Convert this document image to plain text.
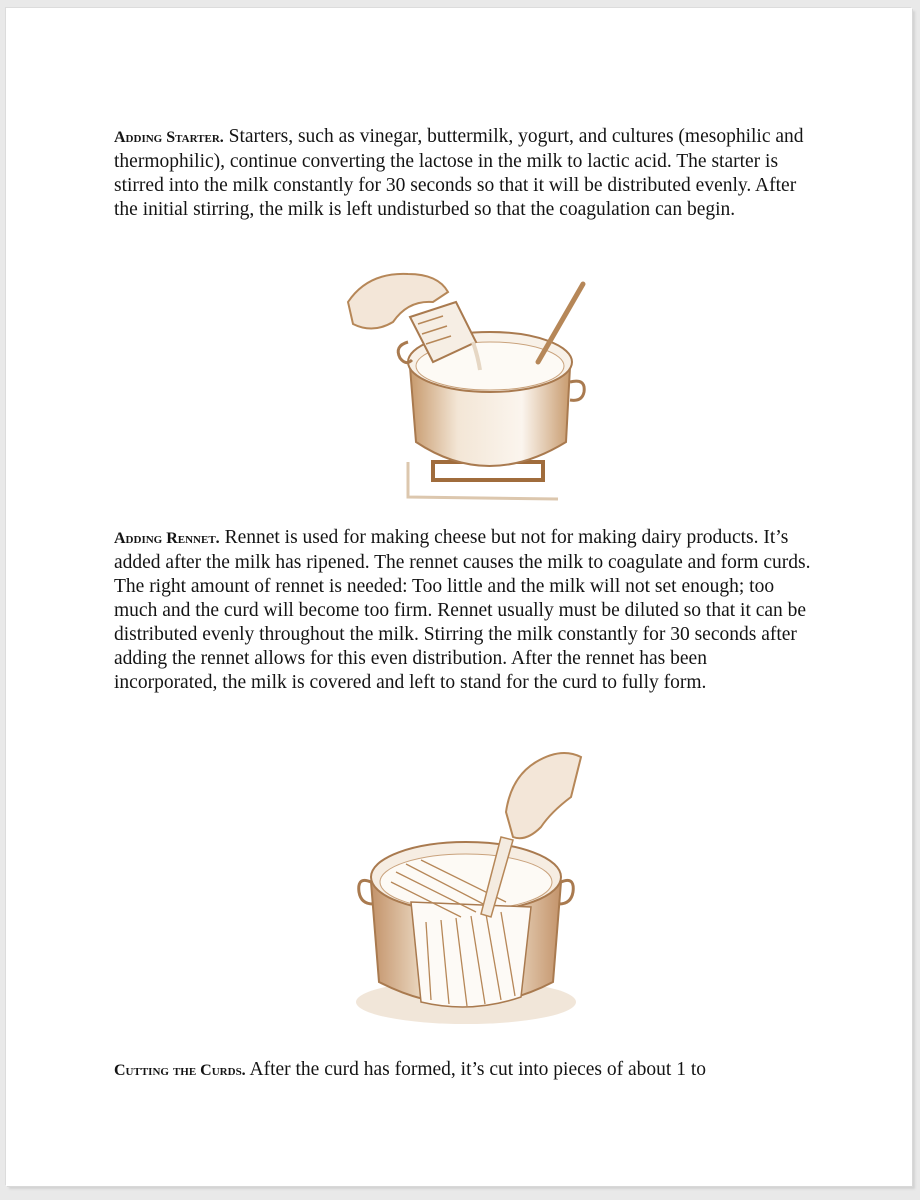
Adding Starter. Starters, such as vinegar, buttermilk, yogurt, and cultures (mesophilic and thermophilic), continue converting the lactose in the milk to lactic acid. The starter is stirred into the milk constantly for 30 seconds so that it will be distributed evenly. After the initial stirring, the milk is left undisturbed so that the coagulation can begin.

Adding Rennet. Rennet is used for making cheese but not for making dairy products. It’s added after the milk has ripened. The rennet causes the milk to coagulate and form curds. The right amount of rennet is needed: Too little and the milk will not set enough; too much and the curd will become too firm. Rennet usually must be diluted so that it can be distributed evenly throughout the milk. Stirring the milk constantly for 30 seconds after adding the rennet allows for this even distribution. After the rennet has been incorporated, the milk is covered and left to stand for the curd to fully form.

Cutting the Curds. After the curd has formed, it’s cut into pieces of about 1 to
